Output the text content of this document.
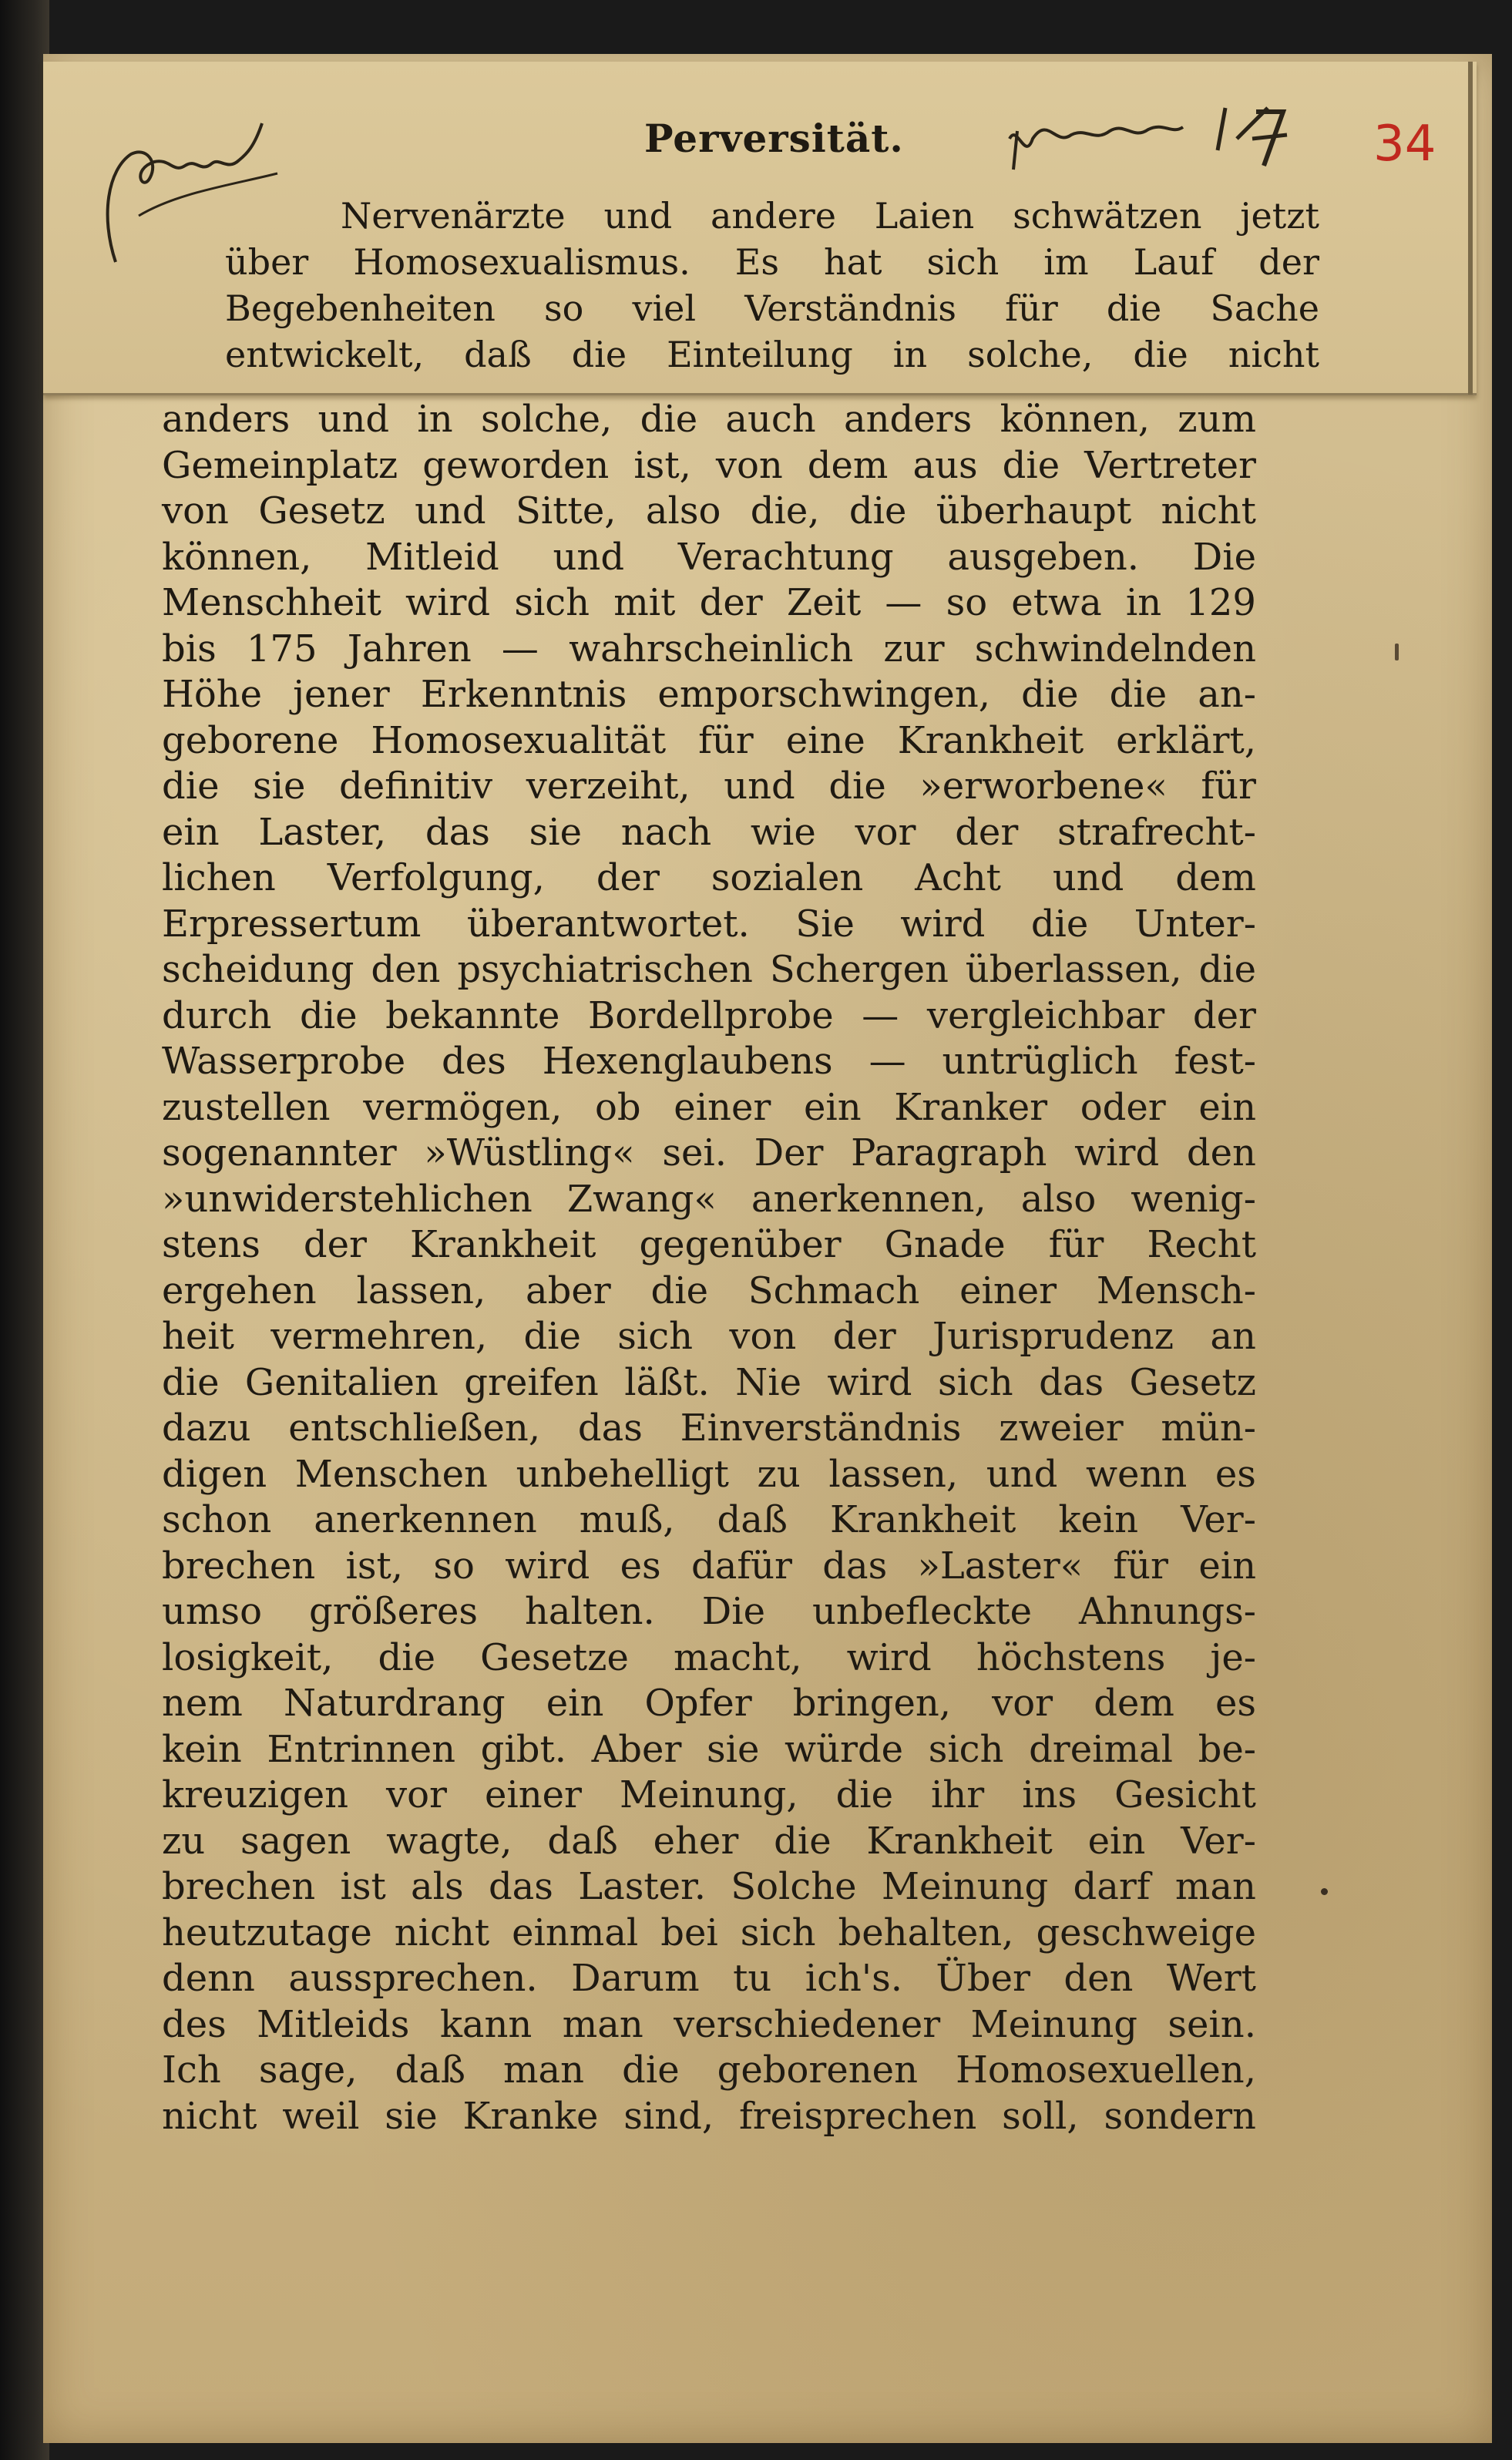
34
Perversität.
Nervenärzte und andere Laien schwätzen jetzt
über Homosexualismus. Es hat sich im Lauf der
Begebenheiten so viel Verständnis für die Sache
entwickelt, daß die Einteilung in solche, die nicht
anders und in solche, die auch anders können, zum
Gemeinplatz geworden ist, von dem aus die Vertreter
von Gesetz und Sitte, also die, die überhaupt nicht
können, Mitleid und Verachtung ausgeben. Die
Menschheit wird sich mit der Zeit — so etwa in 129
bis 175 Jahren — wahrscheinlich zur schwindelnden
Höhe jener Erkenntnis emporschwingen, die die an-
geborene Homosexualität für eine Krankheit erklärt,
die sie definitiv verzeiht, und die »erworbene« für
ein Laster, das sie nach wie vor der strafrecht-
lichen Verfolgung, der sozialen Acht und dem
Erpressertum überantwortet. Sie wird die Unter-
scheidung den psychiatrischen Schergen überlassen, die
durch die bekannte Bordellprobe — vergleichbar der
Wasserprobe des Hexenglaubens — untrüglich fest-
zustellen vermögen, ob einer ein Kranker oder ein
sogenannter »Wüstling« sei. Der Paragraph wird den
»unwiderstehlichen Zwang« anerkennen, also wenig-
stens der Krankheit gegenüber Gnade für Recht
ergehen lassen, aber die Schmach einer Mensch-
heit vermehren, die sich von der Jurisprudenz an
die Genitalien greifen läßt. Nie wird sich das Gesetz
dazu entschließen, das Einverständnis zweier mün-
digen Menschen unbehelligt zu lassen, und wenn es
schon anerkennen muß, daß Krankheit kein Ver-
brechen ist, so wird es dafür das »Laster« für ein
umso größeres halten. Die unbefleckte Ahnungs-
losigkeit, die Gesetze macht, wird höchstens je-
nem Naturdrang ein Opfer bringen, vor dem es
kein Entrinnen gibt. Aber sie würde sich dreimal be-
kreuzigen vor einer Meinung, die ihr ins Gesicht
zu sagen wagte, daß eher die Krankheit ein Ver-
brechen ist als das Laster. Solche Meinung darf man
heutzutage nicht einmal bei sich behalten, geschweige
denn aussprechen. Darum tu ich's. Über den Wert
des Mitleids kann man verschiedener Meinung sein.
Ich sage, daß man die geborenen Homosexuellen,
nicht weil sie Kranke sind, freisprechen soll, sondern
